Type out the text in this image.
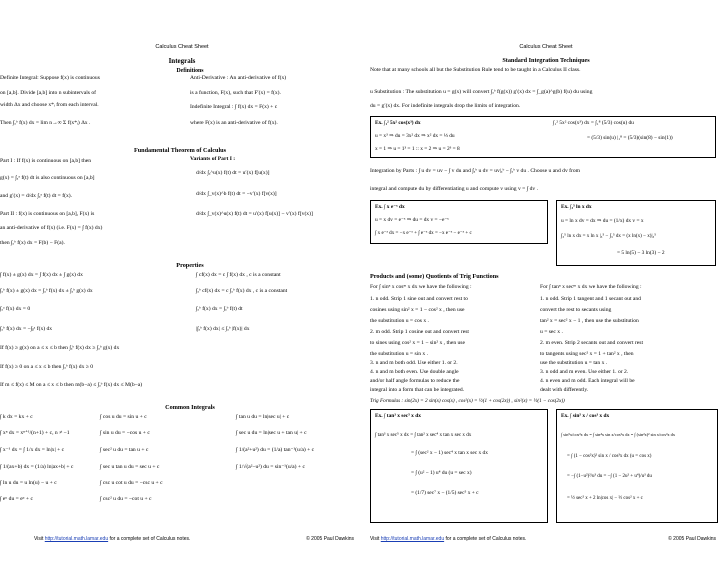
Calculus Cheat Sheet
Integrals
Definitions
Definite Integral: Suppose f(x) is continuous
on [a,b]. Divide [a,b] into n subintervals of
width Δx and choose x*ᵢ from each interval.
Then ∫ₐᵇ f(x) dx = lim n→∞ Σ f(x*ᵢ) Δx .
Anti-Derivative : An anti-derivative of f(x)
is a function, F(x), such that F′(x) = f(x).
Indefinite Integral : ∫ f(x) dx = F(x) + c
where F(x) is an anti-derivative of f(x).
Fundamental Theorem of Calculus
Part I : If f(x) is continuous on [a,b] then
g(x) = ∫ₐˣ f(t) dt is also continuous on [a,b]
and g′(x) = d/dx ∫ₐˣ f(t) dt = f(x).
Part II : f(x) is continuous on [a,b], F(x) is
an anti-derivative of f(x) (i.e. F(x) = ∫ f(x) dx)
then ∫ₐᵇ f(x) dx = F(b) − F(a).
Variants of Part I :
d/dx ∫ₐ^u(x) f(t) dt = u′(x) f[u(x)]
d/dx ∫_v(x)^b f(t) dt = −v′(x) f[v(x)]
d/dx ∫_v(x)^u(x) f(t) dt = u′(x) f[u(x)] − v′(x) f[v(x)]
Properties
∫ f(x) ± g(x) dx = ∫ f(x) dx ± ∫ g(x) dx
∫ₐᵇ f(x) ± g(x) dx = ∫ₐᵇ f(x) dx ± ∫ₐᵇ g(x) dx
∫ₐᵃ f(x) dx = 0
∫ₐᵇ f(x) dx = −∫ᵦᵃ f(x) dx
If f(x) ≥ g(x) on a ≤ x ≤ b then ∫ₐᵇ f(x) dx ≥ ∫ₐᵇ g(x) dx
If f(x) ≥ 0 on a ≤ x ≤ b then ∫ₐᵇ f(x) dx ≥ 0
If m ≤ f(x) ≤ M on a ≤ x ≤ b then m(b−a) ≤ ∫ₐᵇ f(x) dx ≤ M(b−a)
∫ cf(x) dx = c ∫ f(x) dx , c is a constant
∫ₐᵇ cf(x) dx = c ∫ₐᵇ f(x) dx , c is a constant
∫ₐᵇ f(x) dx = ∫ₐᵇ f(t) dt
|∫ₐᵇ f(x) dx| ≤ ∫ₐᵇ |f(x)| dx
Common Integrals
∫ k dx = kx + c
∫ xⁿ dx = xⁿ⁺¹/(n+1) + c, n ≠ −1
∫ x⁻¹ dx = ∫ 1/x dx = ln|x| + c
∫ 1/(ax+b) dx = (1/a) ln|ax+b| + c
∫ ln u du = u ln(u) − u + c
∫ eᵘ du = eᵘ + c
∫ cos u du = sin u + c
∫ sin u du = −cos u + c
∫ sec² u du = tan u + c
∫ sec u tan u du = sec u + c
∫ csc u cot u du = −csc u + c
∫ csc² u du = −cot u + c
∫ tan u du = ln|sec u| + c
∫ sec u du = ln|sec u + tan u| + c
∫ 1/(a²+u²) du = (1/a) tan⁻¹(u/a) + c
∫ 1/√(a²−u²) du = sin⁻¹(u/a) + c
Visit http://tutorial.math.lamar.edu for a complete set of Calculus notes.	© 2005 Paul Dawkins
Calculus Cheat Sheet
Standard Integration Techniques
Note that at many schools all but the Substitution Rule tend to be taught in a Calculus II class.
u Substitution : The substitution u = g(x) will convert ∫ₐᵇ f(g(x)) g′(x) dx = ∫_g(a)^g(b) f(u) du using
du = g′(x) dx. For indefinite integrals drop the limits of integration.
Ex. ∫₁² 5x² cos(x³) dx
u = x³ ⇒ du = 3x² dx ⇒ x² dx = ⅓ du
x = 1 ⇒ u = 1³ = 1 :: x = 2 ⇒ u = 2³ = 8
∫₁² 5x² cos(x³) dx = ∫₁⁸ (5/3) cos(u) du
= (5/3) sin(u) |₁⁸ = (5/3)(sin(8) − sin(1))
Integration by Parts : ∫ u dv = uv − ∫ v du and ∫ₐᵇ u dv = uv|ₐᵇ − ∫ₐᵇ v du . Choose u and dv from
integral and compute du by differentiating u and compute v using v = ∫ dv .
Ex. ∫ x e⁻ˣ dx
u = x dv = e⁻ˣ ⇒ du = dx v = −e⁻ˣ
∫ x e⁻ˣ dx = −x e⁻ˣ + ∫ e⁻ˣ dx = −x e⁻ˣ − e⁻ˣ + c
Ex. ∫₃⁵ ln x dx
u = ln x dv = dx ⇒ du = (1/x) dx v = x
∫₃⁵ ln x dx = x ln x |₃⁵ − ∫₃⁵ dx = (x ln(x) − x)|₃⁵
= 5 ln(5) − 3 ln(3) − 2
Products and (some) Quotients of Trig Functions
For ∫ sinⁿ x cosᵐ x dx we have the following :
1. n odd. Strip 1 sine out and convert rest to
cosines using sin² x = 1 − cos² x , then use
the substitution u = cos x .
2. m odd. Strip 1 cosine out and convert rest
to sines using cos² x = 1 − sin² x , then use
the substitution u = sin x .
3. n and m both odd. Use either 1. or 2.
4. n and m both even. Use double angle
and/or half angle formulas to reduce the
integral into a form that can be integrated.
For ∫ tanⁿ x secᵐ x dx we have the following :
1. n odd. Strip 1 tangent and 1 secant out and
convert the rest to secants using
tan² x = sec² x − 1 , then use the substitution
u = sec x .
2. m even. Strip 2 secants out and convert rest
to tangents using sec² x = 1 + tan² x , then
use the substitution u = tan x .
3. n odd and m even. Use either 1. or 2.
4. n even and m odd. Each integral will be
dealt with differently.
Trig Formulas : sin(2x) = 2 sin(x) cos(x) , cos²(x) = ½(1 + cos(2x)) , sin²(x) = ½(1 − cos(2x))
Ex. ∫ tan³ x sec⁵ x dx
∫ tan³ x sec⁵ x dx = ∫ tan² x sec⁴ x tan x sec x dx
= ∫ (sec² x − 1) sec⁴ x tan x sec x dx
= ∫ (u² − 1) u⁴ du (u = sec x)
= (1/7) sec⁷ x − (1/5) sec⁵ x + c
Ex. ∫ sin⁵ x / cos³ x dx
∫ sin⁵x/cos³x dx = ∫ sin⁴x sin x/cos³x dx = ∫ (sin²x)² sin x/cos³x dx
= ∫ (1 − cos²x)² sin x / cos³x dx (u = cos x)
= −∫ (1−u²)²/u³ du = −∫ (1 − 2u² + u⁴)/u³ du
= ½ sec² x + 2 ln|cos x| − ½ cos² x + c
Visit http://tutorial.math.lamar.edu for a complete set of Calculus notes.	© 2005 Paul Dawkins
